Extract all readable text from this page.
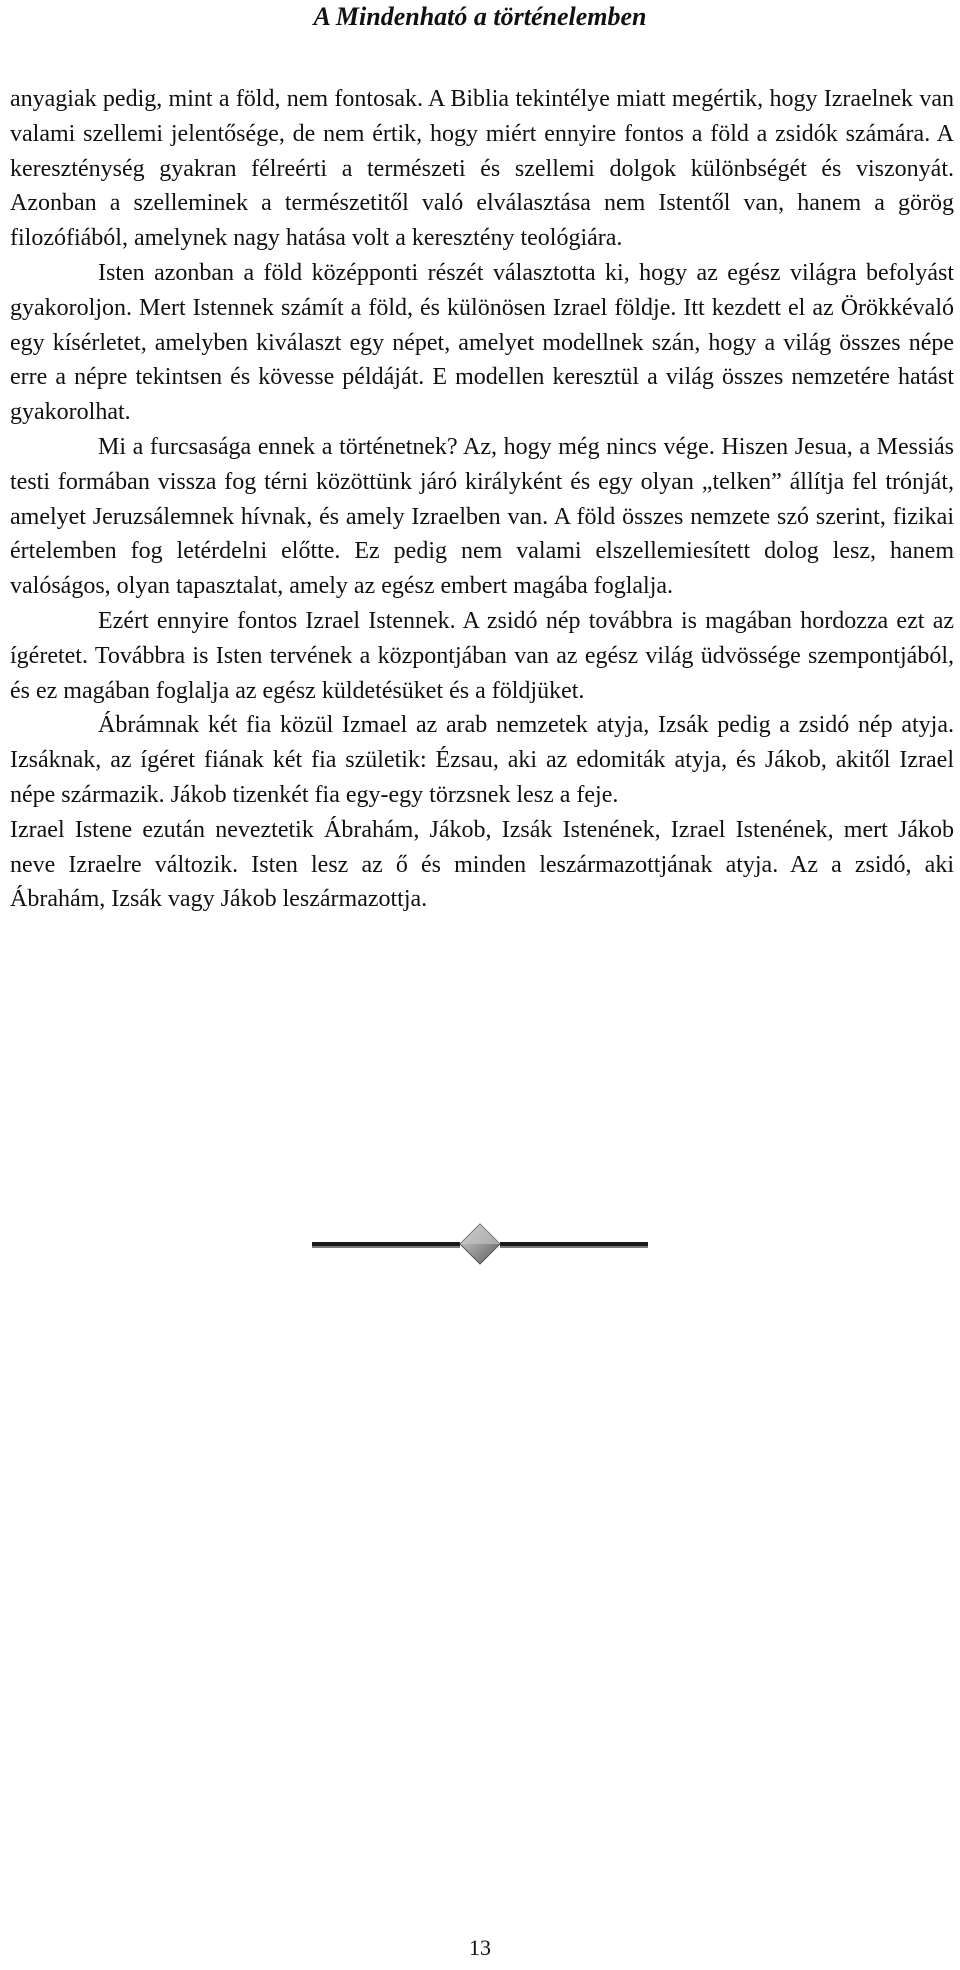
A Mindenható a történelemben

anyagiak pedig, mint a föld, nem fontosak. A Biblia tekintélye miatt megértik, hogy Izraelnek van valami szellemi jelentősége, de nem értik, hogy miért ennyire fontos a föld a zsidók számára. A kereszténység gyakran félreérti a természeti és szellemi dolgok különbségét és viszonyát. Azonban a szelleminek a természetitől való elválasztása nem Istentől van, hanem a görög filozófiából, amelynek nagy hatása volt a keresztény teológiára.

Isten azonban a föld középponti részét választotta ki, hogy az egész világra befolyást gyakoroljon. Mert Istennek számít a föld, és különösen Izrael földje. Itt kezdett el az Örökkévaló egy kísérletet, amelyben kiválaszt egy népet, amelyet modellnek szán, hogy a világ összes népe erre a népre tekintsen és kövesse példáját. E modellen keresztül a világ összes nemzetére hatást gyakorolhat.

Mi a furcsasága ennek a történetnek? Az, hogy még nincs vége. Hiszen Jesua, a Messiás testi formában vissza fog térni közöttünk járó királyként és egy olyan „telken” állítja fel trónját, amelyet Jeruzsálemnek hívnak, és amely Izraelben van. A föld összes nemzete szó szerint, fizikai értelemben fog letérdelni előtte. Ez pedig nem valami elszellemiesített dolog lesz, hanem valóságos, olyan tapasztalat, amely az egész embert magába foglalja.

Ezért ennyire fontos Izrael Istennek. A zsidó nép továbbra is magában hordozza ezt az ígéretet. Továbbra is Isten tervének a központjában van az egész világ üdvössége szempontjából, és ez magában foglalja az egész küldetésüket és a földjüket.

Ábrámnak két fia közül Izmael az arab nemzetek atyja, Izsák pedig a zsidó nép atyja. Izsáknak, az ígéret fiának két fia születik: Ézsau, aki az edomiták atyja, és Jákob, akitől Izrael népe származik. Jákob tizenkét fia egy-egy törzsnek lesz a feje.

Izrael Istene ezután neveztetik Ábrahám, Jákob, Izsák Istenének, Izrael Istenének, mert Jákob neve Izraelre változik. Isten lesz az ő és minden leszármazottjának atyja. Az a zsidó, aki Ábrahám, Izsák vagy Jákob leszármazottja.

13
